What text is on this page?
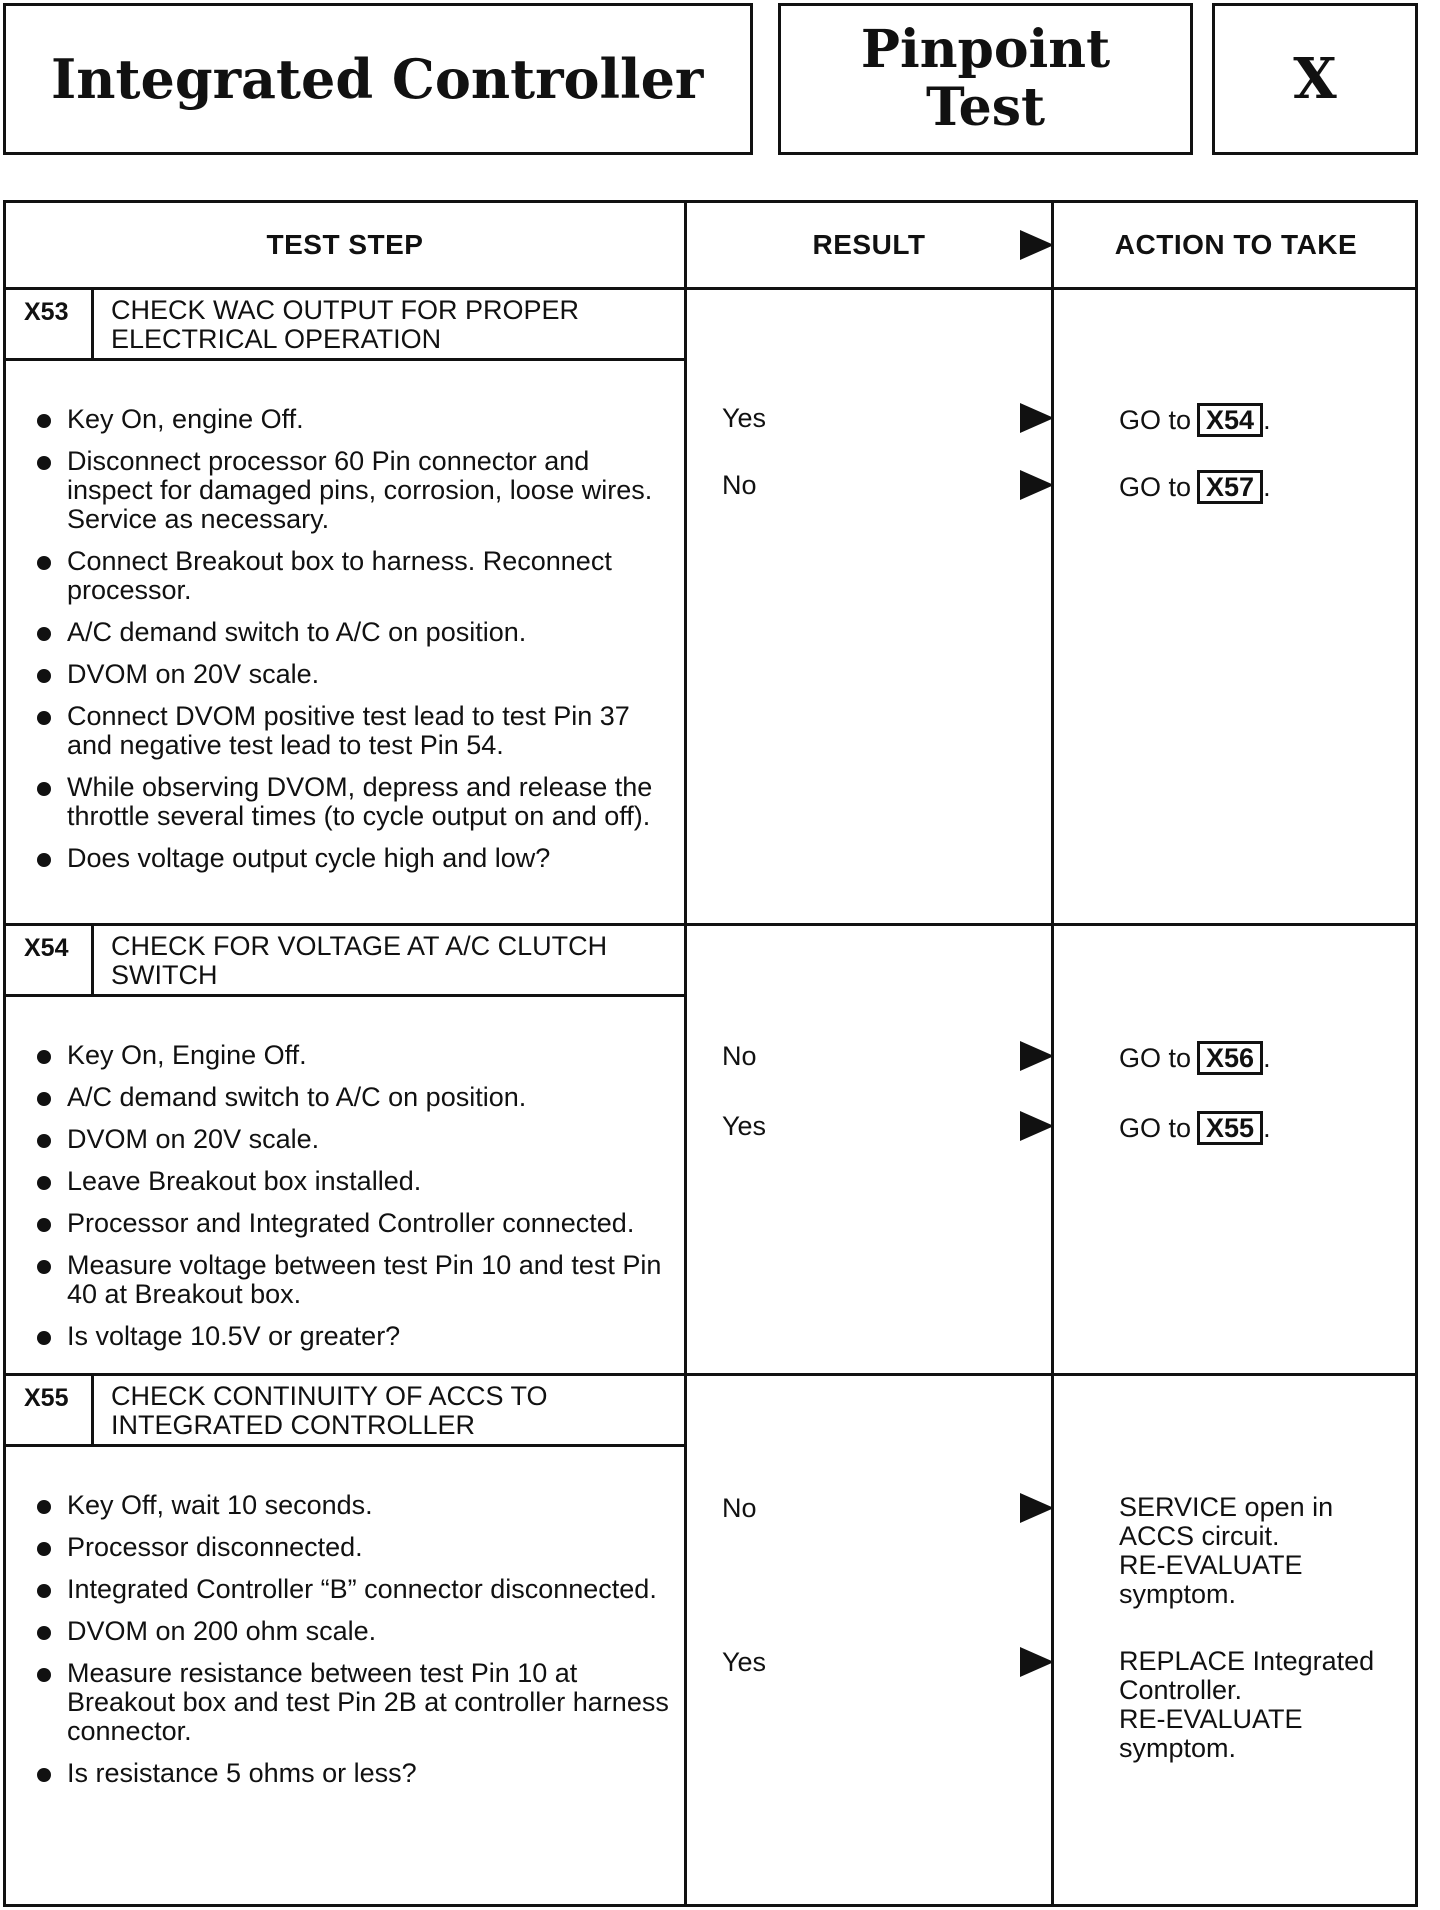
Integrated Controller	Pinpoint
Test	X
TEST STEP	RESULT	ACTION TO TAKE
X53	CHECK WAC OUTPUT FOR PROPER ELECTRICAL OPERATION
Key On, engine Off.
Disconnect processor 60 Pin connector and inspect for damaged pins, corrosion, loose wires. Service as necessary.
Connect Breakout box to harness. Reconnect processor.
A/C demand switch to A/C on position.
DVOM on 20V scale.
Connect DVOM positive test lead to test Pin 37 and negative test lead to test Pin 54.
While observing DVOM, depress and release the throttle several times (to cycle output on and off).
Does voltage output cycle high and low?
Yes	GO to X54 .
No	GO to X57 .
X54	CHECK FOR VOLTAGE AT A/C CLUTCH SWITCH
Key On, Engine Off.
A/C demand switch to A/C on position.
DVOM on 20V scale.
Leave Breakout box installed.
Processor and Integrated Controller connected.
Measure voltage between test Pin 10 and test Pin 40 at Breakout box.
Is voltage 10.5V or greater?
No	GO to X56 .
Yes	GO to X55 .
X55	CHECK CONTINUITY OF ACCS TO INTEGRATED CONTROLLER
Key Off, wait 10 seconds.
Processor disconnected.
Integrated Controller “B” connector disconnected.
DVOM on 200 ohm scale.
Measure resistance between test Pin 10 at Breakout box and test Pin 2B at controller harness connector.
Is resistance 5 ohms or less?
No	SERVICE open in
ACCS circuit.
RE-EVALUATE
symptom.
Yes	REPLACE Integrated
Controller.
RE-EVALUATE
symptom.
